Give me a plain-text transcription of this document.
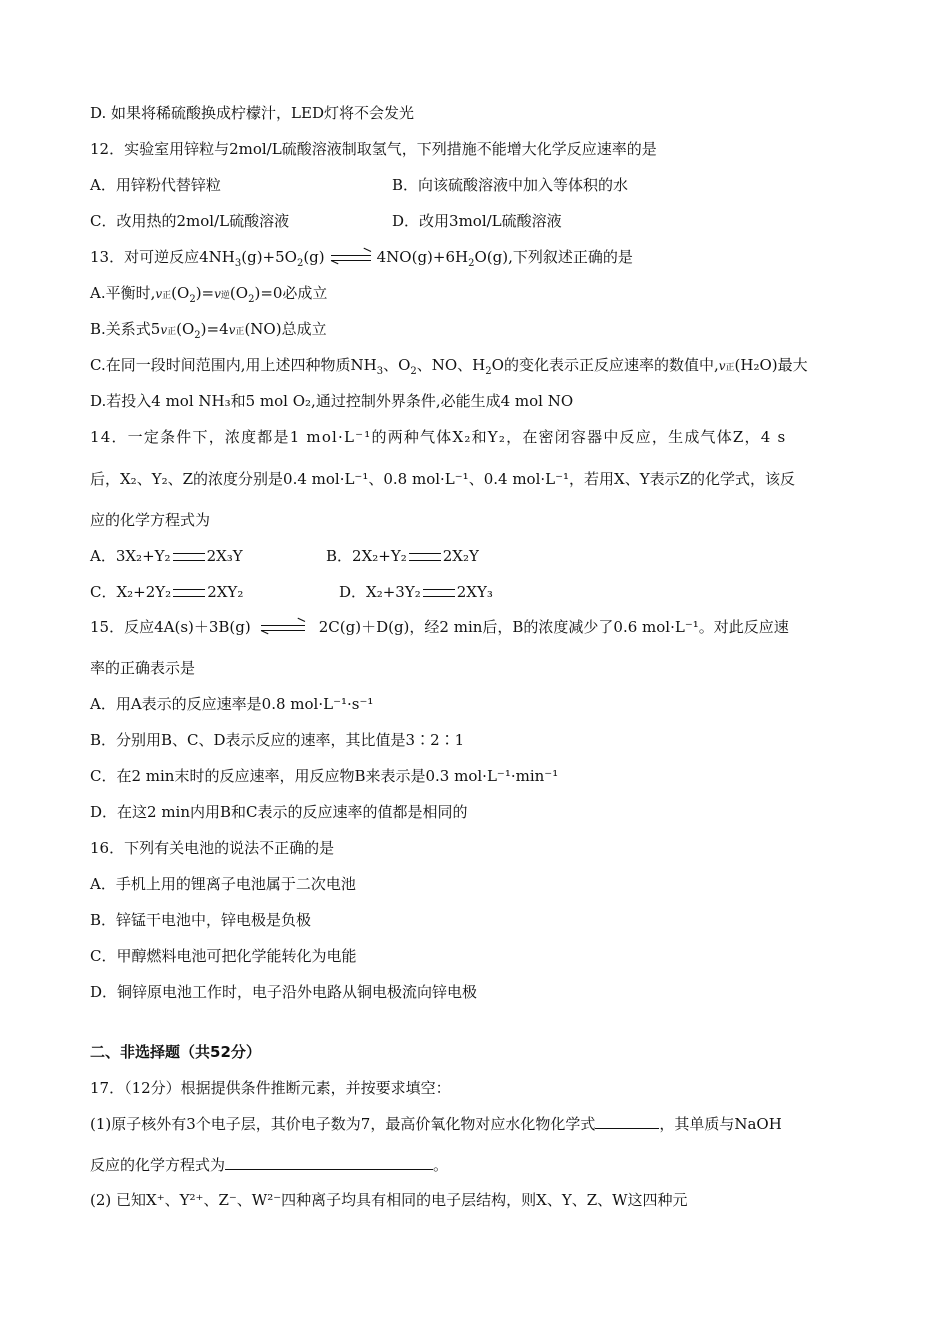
D. 如果将稀硫酸换成柠檬汁，LED灯将不会发光
12．实验室用锌粒与2mol/L硫酸溶液制取氢气，下列措施不能增大化学反应速率的是
A．用锌粉代替锌粒	B．向该硫酸溶液中加入等体积的水
C．改用热的2mol/L硫酸溶液	D．改用3mol/L硫酸溶液
13．对可逆反应$4NH_3(g)+5O_2(g)$	$4NO(g)+6H_2O(g)$,下列叙述正确的是
A.平衡时,v正$(O_2)=v$逆$(O_2)=0$必成立
B.关系式5v正$(O_2)=4v$正(NO)总成立
C.在同一段时间范围内,用上述四种物质$NH_3$、$O_2$、NO、$H_2O$的变化表示正反应速率的数值中,v正(H₂O)最大
D.若投入4 mol NH₃和5 mol O₂,通过控制外界条件,必能生成4 mol NO
14．一定条件下，浓度都是1 mol·L⁻¹的两种气体X₂和Y₂，在密闭容器中反应，生成气体Z，4 s
后，X₂、Y₂、Z的浓度分别是0.4 mol·L⁻¹、0.8 mol·L⁻¹、0.4 mol·L⁻¹，若用X、Y表示Z的化学式，该反
应的化学方程式为
A．3X₂+Y₂ 2X₃Y	B．2X₂+Y₂ 2X₂Y
C．X₂+2Y₂ 2XY₂	D．X₂+3Y₂ 2XY₃
15．反应4A(s)＋3B(g)	2C(g)＋D(g)，经2 min后，B的浓度减少了0.6 mol·L⁻¹。对此反应速
率的正确表示是
A．用A表示的反应速率是0.8 mol·L⁻¹·s⁻¹
B．分别用B、C、D表示反应的速率，其比值是3∶2∶1
C．在2 min末时的反应速率，用反应物B来表示是0.3 mol·L⁻¹·min⁻¹
D．在这2 min内用B和C表示的反应速率的值都是相同的
16．下列有关电池的说法不正确的是
A．手机上用的锂离子电池属于二次电池
B．锌锰干电池中，锌电极是负极
C．甲醇燃料电池可把化学能转化为电能
D．铜锌原电池工作时，电子沿外电路从铜电极流向锌电极
二、非选择题（共52分）
17．（12分）根据提供条件推断元素，并按要求填空：
(1)原子核外有3个电子层，其价电子数为7，最高价氧化物对应水化物化学式	，其单质与NaOH
反应的化学方程式为	。
(2) 已知X⁺、Y²⁺、Z⁻、W²⁻四种离子均具有相同的电子层结构，则X、Y、Z、W这四种元
